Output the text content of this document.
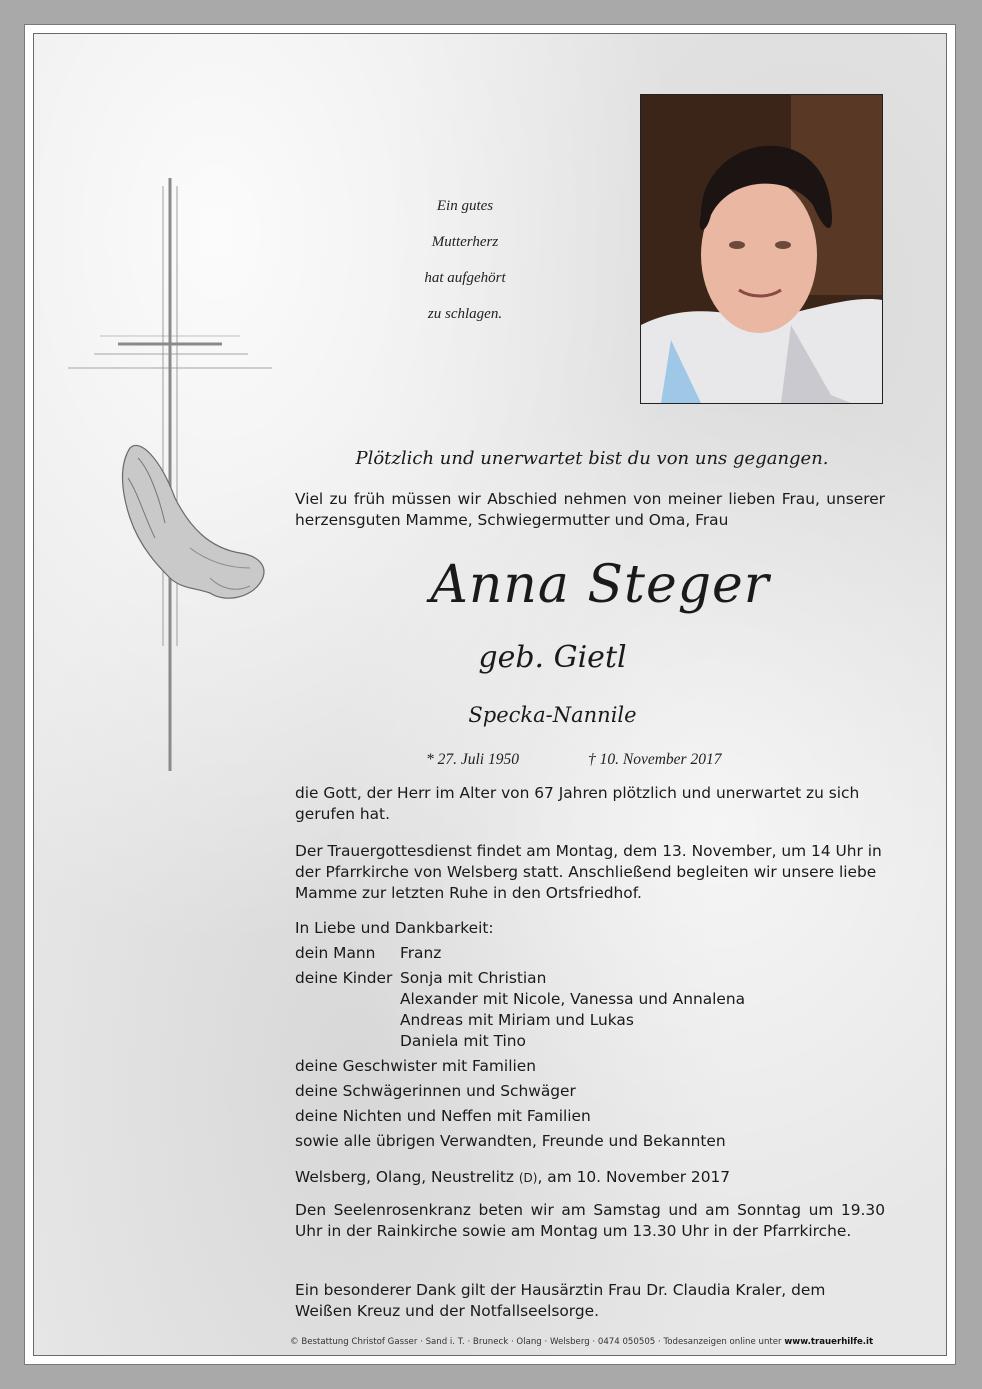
Ein gutes
Mutterherz
hat aufgehört
zu schlagen.
Plötzlich und unerwartet bist du von uns gegangen.
Viel zu früh müssen wir Abschied nehmen von meiner lieben Frau, unserer herzensguten Mamme, Schwiegermutter und Oma, Frau
Anna Steger
geb. Gietl
Specka-Nannile
* 27. Juli 1950	† 10. November 2017
die Gott, der Herr im Alter von 67 Jahren plötzlich und unerwartet zu sich gerufen hat.
Der Trauergottesdienst findet am Montag, dem 13. November, um 14 Uhr in der Pfarrkirche von Welsberg statt. Anschließend begleiten wir unsere liebe Mamme zur letzten Ruhe in den Ortsfriedhof.
In Liebe und Dankbarkeit:
dein Mann Franz
deine Kinder Sonja mit Christian
Alexander mit Nicole, Vanessa und Annalena
Andreas mit Miriam und Lukas
Daniela mit Tino
deine Geschwister mit Familien
deine Schwägerinnen und Schwäger
deine Nichten und Neffen mit Familien
sowie alle übrigen Verwandten, Freunde und Bekannten
Welsberg, Olang, Neustrelitz (D), am 10. November 2017
Den Seelenrosenkranz beten wir am Samstag und am Sonntag um 19.30 Uhr in der Rainkirche sowie am Montag um 13.30 Uhr in der Pfarrkirche.
Ein besonderer Dank gilt der Hausärztin Frau Dr. Claudia Kraler, dem Weißen Kreuz und der Notfallseelsorge.
© Bestattung Christof Gasser · Sand i. T. · Bruneck · Olang · Welsberg · 0474 050505 · Todesanzeigen online unter www.trauerhilfe.it
